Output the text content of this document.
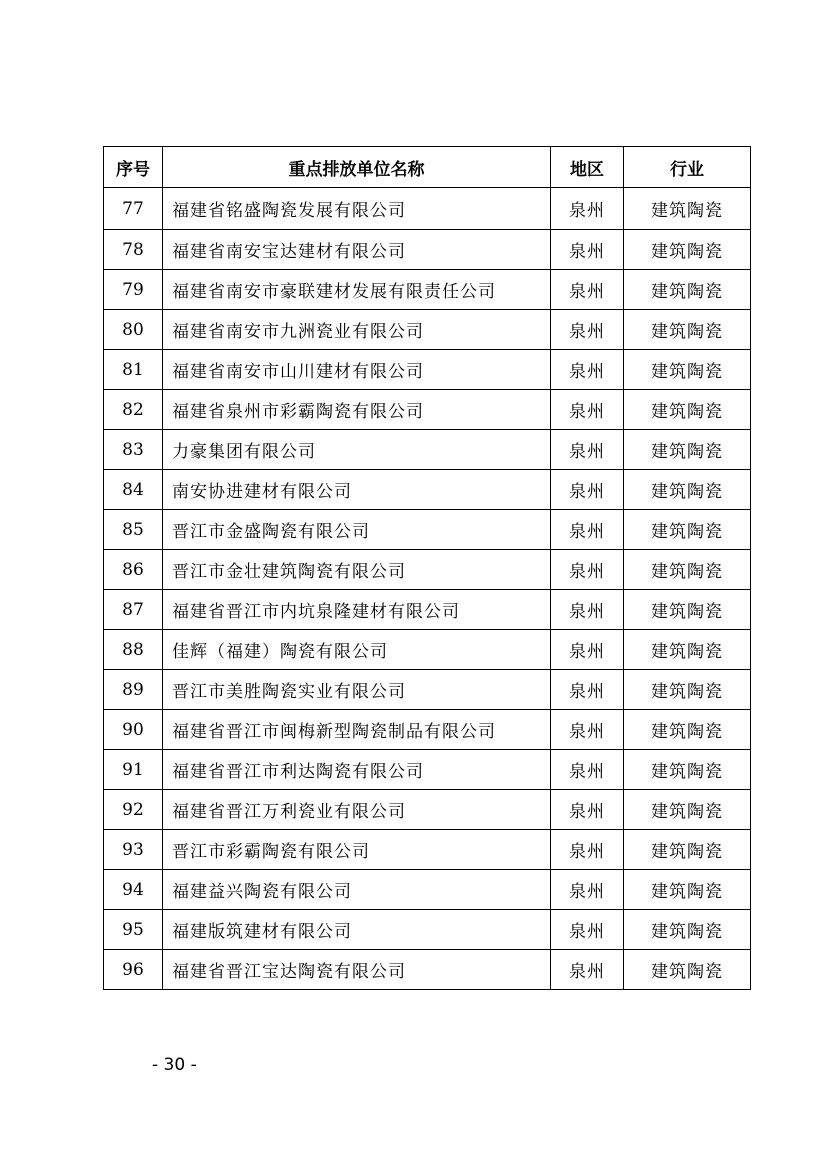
序号	重点排放单位名称	地区	行业
77	福建省铭盛陶瓷发展有限公司	泉州	建筑陶瓷
78	福建省南安宝达建材有限公司	泉州	建筑陶瓷
79	福建省南安市豪联建材发展有限责任公司	泉州	建筑陶瓷
80	福建省南安市九洲瓷业有限公司	泉州	建筑陶瓷
81	福建省南安市山川建材有限公司	泉州	建筑陶瓷
82	福建省泉州市彩霸陶瓷有限公司	泉州	建筑陶瓷
83	力豪集团有限公司	泉州	建筑陶瓷
84	南安协进建材有限公司	泉州	建筑陶瓷
85	晋江市金盛陶瓷有限公司	泉州	建筑陶瓷
86	晋江市金壮建筑陶瓷有限公司	泉州	建筑陶瓷
87	福建省晋江市内坑泉隆建材有限公司	泉州	建筑陶瓷
88	佳辉（福建）陶瓷有限公司	泉州	建筑陶瓷
89	晋江市美胜陶瓷实业有限公司	泉州	建筑陶瓷
90	福建省晋江市闽梅新型陶瓷制品有限公司	泉州	建筑陶瓷
91	福建省晋江市利达陶瓷有限公司	泉州	建筑陶瓷
92	福建省晋江万利瓷业有限公司	泉州	建筑陶瓷
93	晋江市彩霸陶瓷有限公司	泉州	建筑陶瓷
94	福建益兴陶瓷有限公司	泉州	建筑陶瓷
95	福建版筑建材有限公司	泉州	建筑陶瓷
96	福建省晋江宝达陶瓷有限公司	泉州	建筑陶瓷
- 30 -
